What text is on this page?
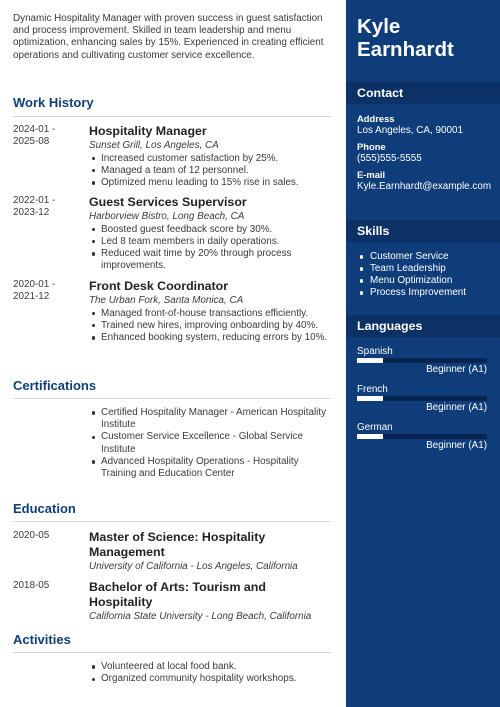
Dynamic Hospitality Manager with proven success in guest satisfaction and process improvement. Skilled in team leadership and menu optimization, enhancing sales by 15%. Experienced in creating efficient operations and cultivating customer service excellence.

Work History
2024-01 -
2025-08
Hospitality Manager
Sunset Grill, Los Angeles, CA
Increased customer satisfaction by 25%.
Managed a team of 12 personnel.
Optimized menu leading to 15% rise in sales.
2022-01 -
2023-12
Guest Services Supervisor
Harborview Bistro, Long Beach, CA
Boosted guest feedback score by 30%.
Led 8 team members in daily operations.
Reduced wait time by 20% through process improvements.
2020-01 -
2021-12
Front Desk Coordinator
The Urban Fork, Santa Monica, CA
Managed front-of-house transactions efficiently.
Trained new hires, improving onboarding by 40%.
Enhanced booking system, reducing errors by 10%.
Certifications
Certified Hospitality Manager - American Hospitality Institute
Customer Service Excellence - Global Service Institute
Advanced Hospitality Operations - Hospitality Training and Education Center
Education
2020-05	Master of Science: Hospitality Management
University of California - Los Angeles, California
2018-05	Bachelor of Arts: Tourism and Hospitality
California State University - Long Beach, California
Activities
Volunteered at local food bank.
Organized community hospitality workshops.
Kyle Earnhardt
Contact
Address
Los Angeles, CA, 90001
Phone
(555)555-5555
E-mail
Kyle.Earnhardt@example.com
Skills
Customer Service
Team Leadership
Menu Optimization
Process Improvement
Languages
Spanish
Beginner (A1)
French
Beginner (A1)
German
Beginner (A1)
